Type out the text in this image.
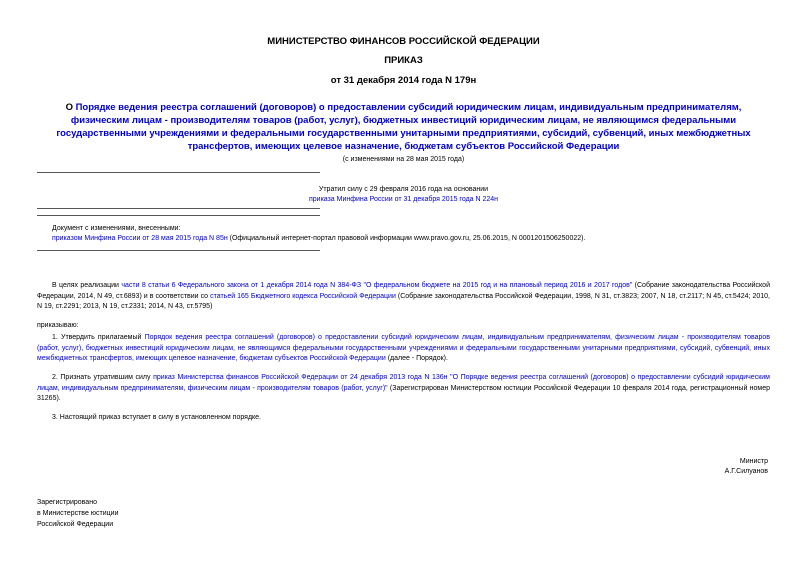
МИНИСТЕРСТВО ФИНАНСОВ РОССИЙСКОЙ ФЕДЕРАЦИИ
ПРИКАЗ
от 31 декабря 2014 года N 179н
О Порядке ведения реестра соглашений (договоров) о предоставлении субсидий юридическим лицам, индивидуальным предпринимателям, физическим лицам - производителям товаров (работ, услуг), бюджетных инвестиций юридическим лицам, не являющимся федеральными государственными учреждениями и федеральными государственными унитарными предприятиями, субсидий, субвенций, иных межбюджетных трансфертов, имеющих целевое назначение, бюджетам субъектов Российской Федерации
(с изменениями на 28 мая 2015 года)
Утратил силу с 29 февраля 2016 года на основании
приказа Минфина России от 31 декабря 2015 года N 224н
Документ с изменениями, внесенными:
приказом Минфина России от 28 мая 2015 года N 85н (Официальный интернет-портал правовой информации www.pravo.gov.ru, 25.06.2015, N 0001201506250022).
В целях реализации части 8 статьи 6 Федерального закона от 1 декабря 2014 года N 384-ФЗ "О федеральном бюджете на 2015 год и на плановый период 2016 и 2017 годов" (Собрание законодательства Российской Федерации, 2014, N 49, ст.6893) и в соответствии со статьей 165 Бюджетного кодекса Российской Федерации (Собрание законодательства Российской Федерации, 1998, N 31, ст.3823; 2007, N 18, ст.2117; N 45, ст.5424; 2010, N 19, ст.2291; 2013, N 19, ст.2331; 2014, N 43, ст.5795)
приказываю:
1. Утвердить прилагаемый Порядок ведения реестра соглашений (договоров) о предоставлении субсидий юридическим лицам, индивидуальным предпринимателям, физическим лицам - производителям товаров (работ, услуг), бюджетных инвестиций юридическим лицам, не являющимся федеральными государственными учреждениями и федеральными государственными унитарными предприятиями, субсидий, субвенций, иных межбюджетных трансфертов, имеющих целевое назначение, бюджетам субъектов Российской Федерации (далее - Порядок).
2. Признать утратившим силу приказ Министерства финансов Российской Федерации от 24 декабря 2013 года N 136н "О Порядке ведения реестра соглашений (договоров) о предоставлении субсидий юридическим лицам, индивидуальным предпринимателям, физическим лицам - производителям товаров (работ, услуг)" (Зарегистрирован Министерством юстиции Российской Федерации 10 февраля 2014 года, регистрационный номер 31265).
3. Настоящий приказ вступает в силу в установленном порядке.
Министр
А.Г.Силуанов
Зарегистрировано
в Министерстве юстиции
Российской Федерации
